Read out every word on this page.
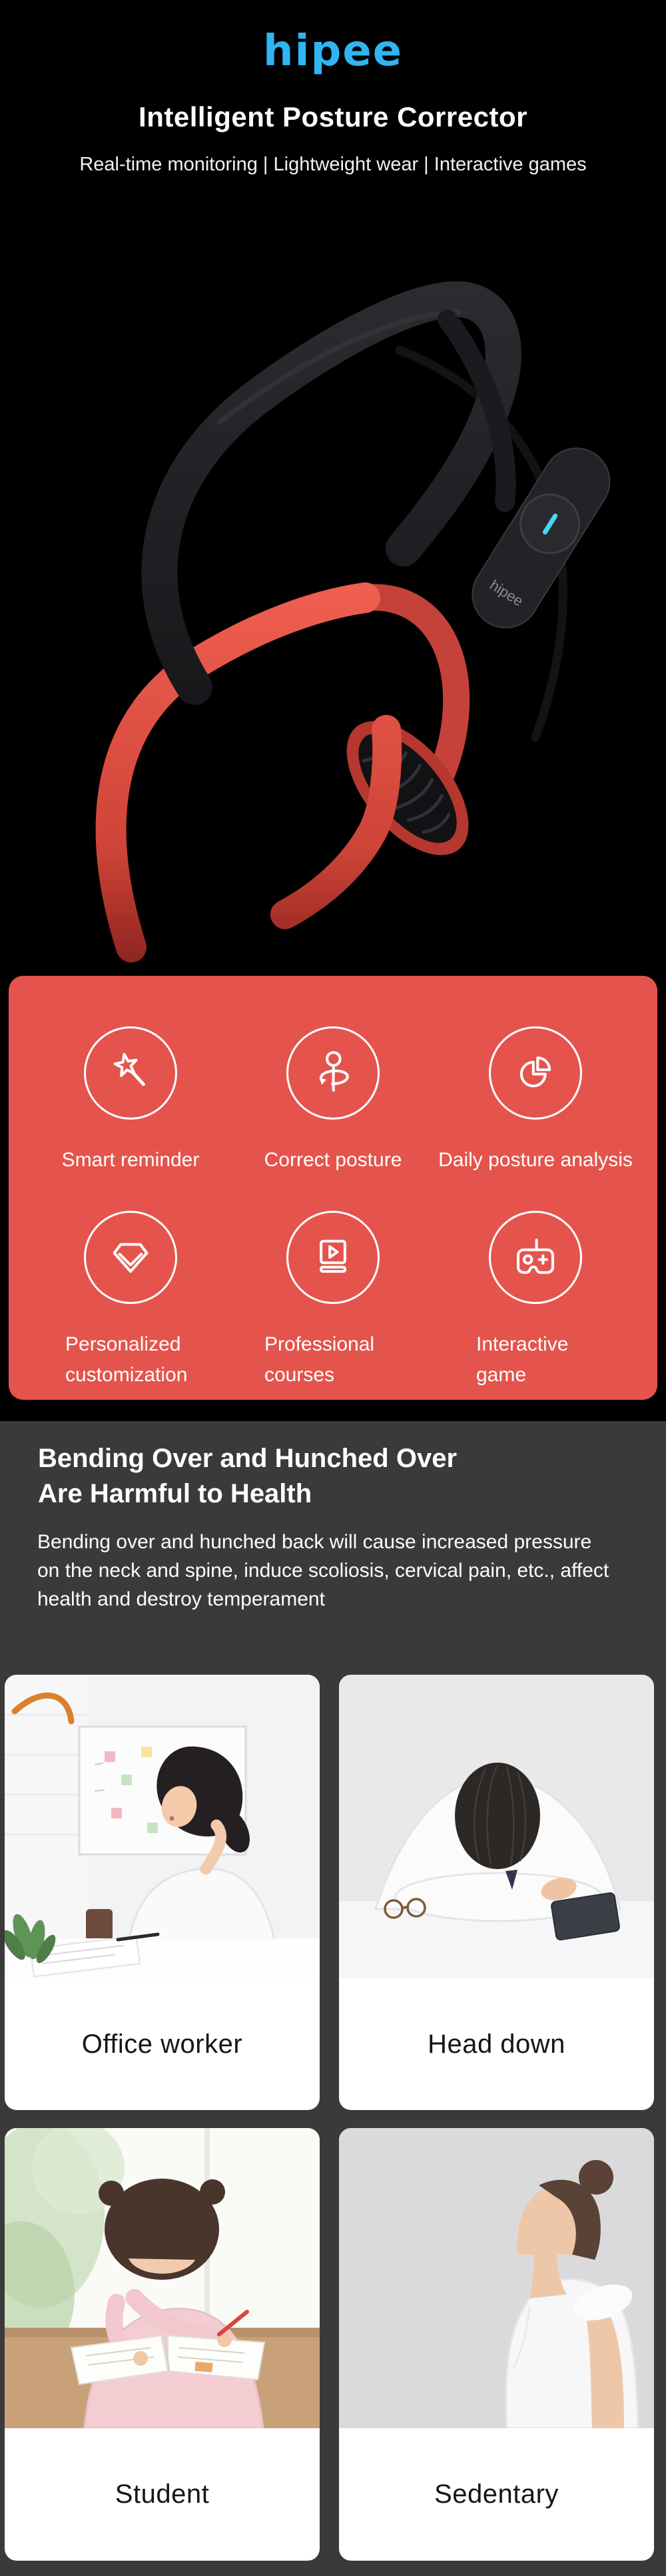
hipee
Intelligent Posture Corrector
Real-time monitoring | Lightweight wear | Interactive games
hipee
Smart reminder	Correct posture Daily posture analysis
Personalized customization
Professional courses
Interactive game
Bending Over and Hunched Over
Are Harmful to Health
Bending over and hunched back will cause increased pressure on the neck and spine, induce scoliosis, cervical pain, etc., affect health and destroy temperament
Office worker	Head down
Student	Sedentary
